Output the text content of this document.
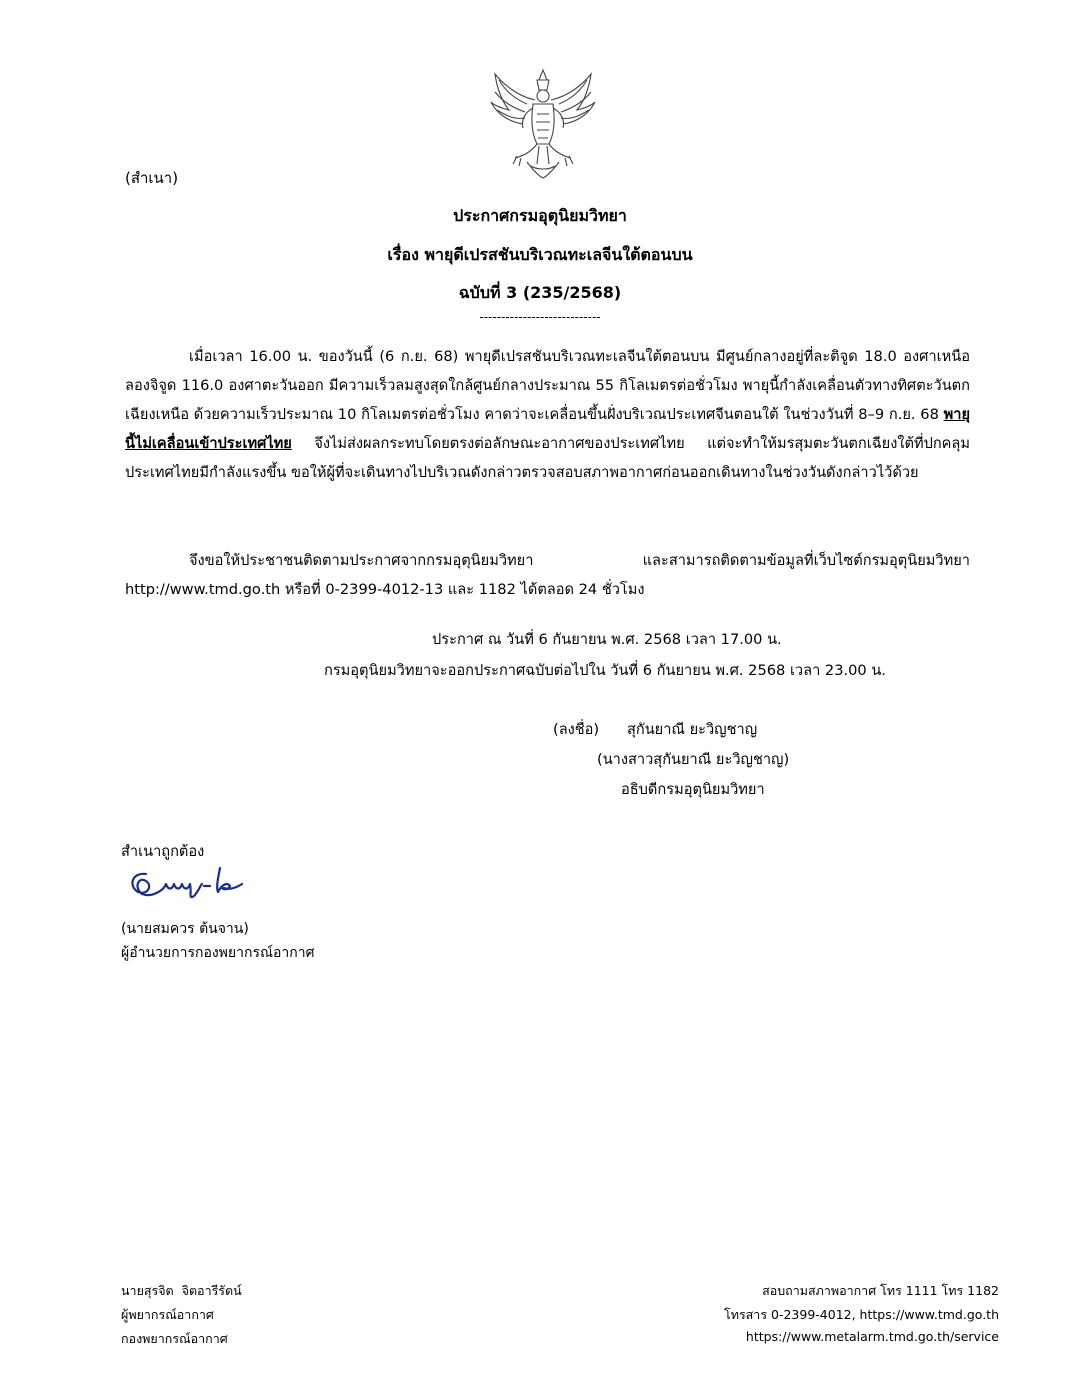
(สำเนา)
ประกาศกรมอุตุนิยมวิทยา
เรื่อง พายุดีเปรสชันบริเวณทะเลจีนใต้ตอนบน
ฉบับที่ 3 (235/2568)
----------------------------
เมื่อเวลา 16.00 น. ของวันนี้ (6 ก.ย. 68) พายุดีเปรสชันบริเวณทะเลจีนใต้ตอนบน มีศูนย์กลางอยู่ที่ละติจูด 18.0 องศาเหนือ ลองจิจูด 116.0 องศาตะวันออก มีความเร็วลมสูงสุดใกล้ศูนย์กลางประมาณ 55 กิโลเมตรต่อชั่วโมง พายุนี้กำลังเคลื่อนตัวทางทิศตะวันตกเฉียงเหนือ ด้วยความเร็วประมาณ 10 กิโลเมตรต่อชั่วโมง คาดว่าจะเคลื่อนขึ้นฝั่งบริเวณประเทศจีนตอนใต้ ในช่วงวันที่ 8–9 ก.ย. 68 พายุนี้ไม่เคลื่อนเข้าประเทศไทย จึงไม่ส่งผลกระทบโดยตรงต่อลักษณะอากาศของประเทศไทย แต่จะทำให้มรสุมตะวันตกเฉียงใต้ที่ปกคลุมประเทศไทยมีกำลังแรงขึ้น ขอให้ผู้ที่จะเดินทางไปบริเวณดังกล่าวตรวจสอบสภาพอากาศก่อนออกเดินทางในช่วงวันดังกล่าวไว้ด้วย
จึงขอให้ประชาชนติดตามประกาศจากกรมอุตุนิยมวิทยา และสามารถติดตามข้อมูลที่เว็บไซต์กรมอุตุนิยมวิทยา http://www.tmd.go.th หรือที่ 0-2399-4012-13 และ 1182 ได้ตลอด 24 ชั่วโมง
ประกาศ ณ วันที่ 6 กันยายน พ.ศ. 2568 เวลา 17.00 น.
กรมอุตุนิยมวิทยาจะออกประกาศฉบับต่อไปใน วันที่ 6 กันยายน พ.ศ. 2568 เวลา 23.00 น.
(ลงชื่อ)      สุกันยาณี ยะวิญชาญ
(นางสาวสุกันยาณี ยะวิญชาญ)
อธิบดีกรมอุตุนิยมวิทยา
สำเนาถูกต้อง
(นายสมควร ต้นจาน)
ผู้อำนวยการกองพยากรณ์อากาศ
นายสุรจิต  จิตอารีรัตน์
ผู้พยากรณ์อากาศ
กองพยากรณ์อากาศ
สอบถามสภาพอากาศ โทร 1111 โทร 1182
โทรสาร 0-2399-4012, https://www.tmd.go.th
https://www.metalarm.tmd.go.th/service
